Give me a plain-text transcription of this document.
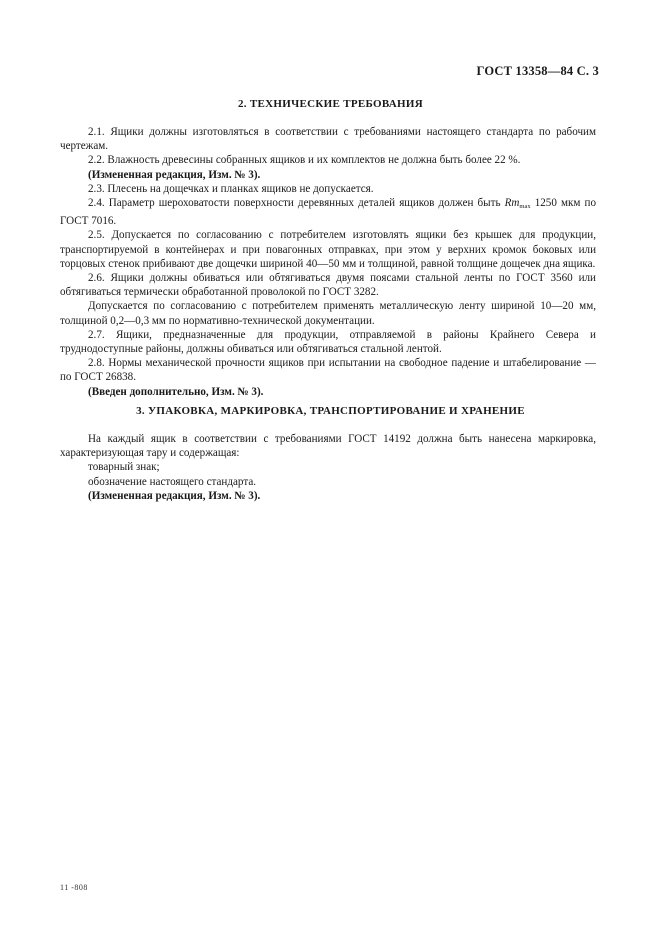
ГОСТ 13358—84 С. 3
2. ТЕХНИЧЕСКИЕ ТРЕБОВАНИЯ

2.1. Ящики должны изготовляться в соответствии с требованиями настоящего стандарта по рабочим чертежам.

2.2. Влажность древесины собранных ящиков и их комплектов не должна быть более 22 %.

(Измененная редакция, Изм. № 3).

2.3. Плесень на дощечках и планках ящиков не допускается.

2.4. Параметр шероховатости поверхности деревянных деталей ящиков должен быть $Rm_{max}$ 1250 мкм по ГОСТ 7016.

2.5. Допускается по согласованию с потребителем изготовлять ящики без крышек для продукции, транспортируемой в контейнерах и при повагонных отправках, при этом у верхних кромок боковых или торцовых стенок прибивают две дощечки шириной 40—50 мм и толщиной, равной толщине дощечек дна ящика.

2.6. Ящики должны обиваться или обтягиваться двумя поясами стальной ленты по ГОСТ 3560 или обтягиваться термически обработанной проволокой по ГОСТ 3282.

Допускается по согласованию с потребителем применять металлическую ленту шириной 10—20 мм, толщиной 0,2—0,3 мм по нормативно-технической документации.

2.7. Ящики, предназначенные для продукции, отправляемой в районы Крайнего Севера и труднодоступные районы, должны обиваться или обтягиваться стальной лентой.

2.8. Нормы механической прочности ящиков при испытании на свободное падение и штабелирование — по ГОСТ 26838.

(Введен дополнительно, Изм. № 3).

3. УПАКОВКА, МАРКИРОВКА, ТРАНСПОРТИРОВАНИЕ И ХРАНЕНИЕ

На каждый ящик в соответствии с требованиями ГОСТ 14192 должна быть нанесена маркировка, характеризующая тару и содержащая:

товарный знак;

обозначение настоящего стандарта.

(Измененная редакция, Изм. № 3).

11 -808
